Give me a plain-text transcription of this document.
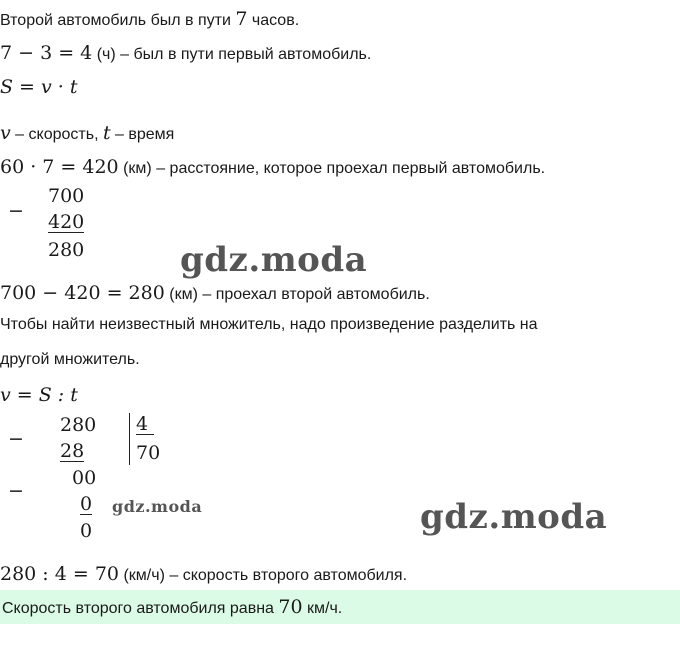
Второй автомобиль был в пути 7 часов.
7 − 3 = 4 (ч) – был в пути первый автомобиль.
S = v · t
v – скорость, t – время
60 · 7 = 420 (км) – расстояние, которое проехал первый автомобиль.
−
700
420
280	gdz.moda
700 − 420 = 280 (км) – проехал второй автомобиль.
Чтобы найти неизвестный множитель, надо произведение разделить на
другой множитель.
v = S : t
−
280 4
70
28
00
−
0
0
gdz.moda	gdz.moda
280 : 4 = 70 (км/ч) – скорость второго автомобиля.
Скорость второго автомобиля равна 70 км/ч.
